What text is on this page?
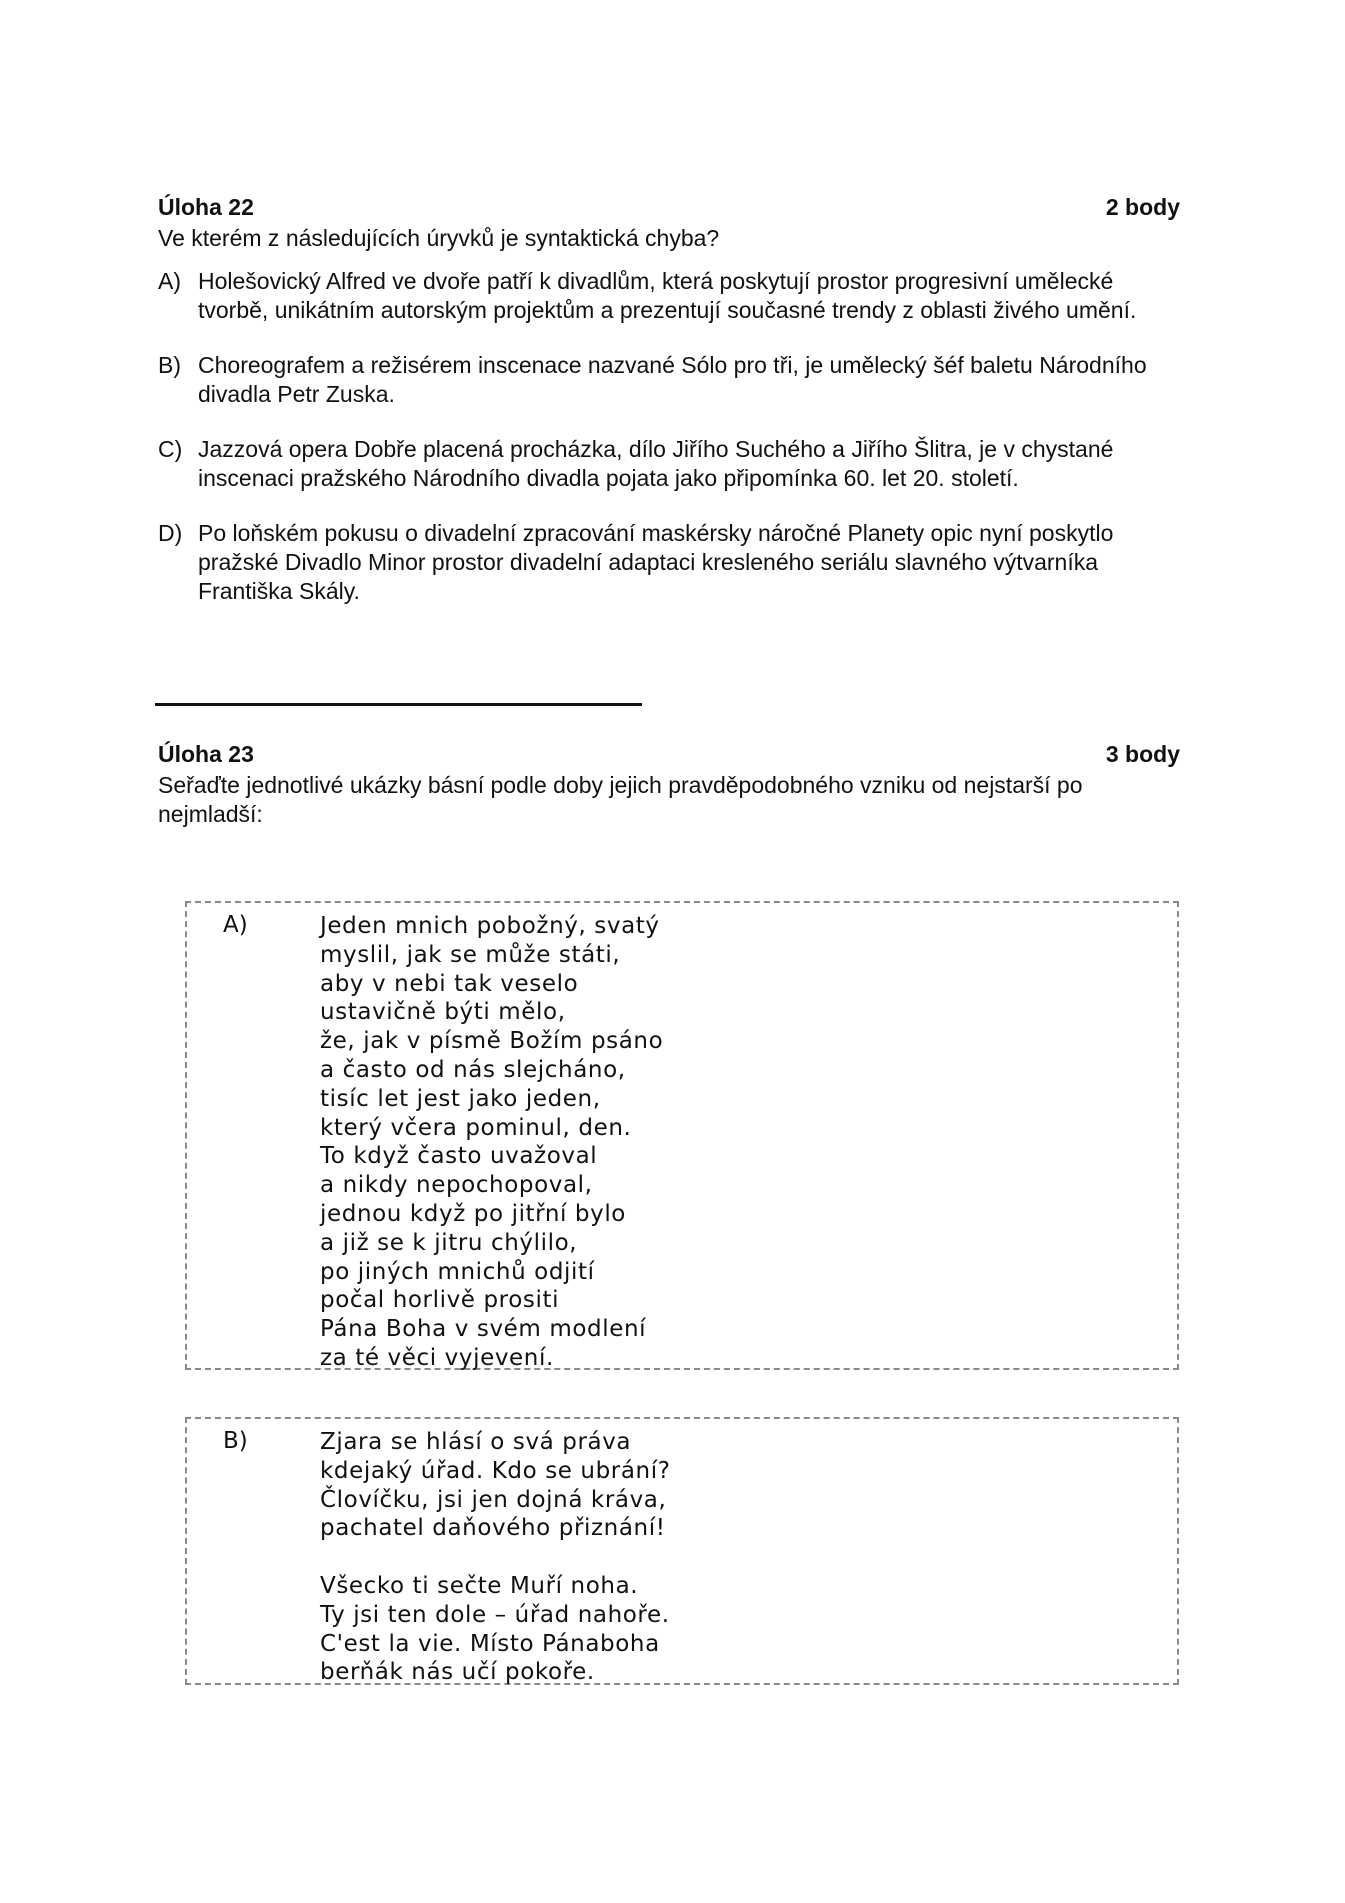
Úloha 22	2 body
Ve kterém z následujících úryvků je syntaktická chyba?
A) Holešovický Alfred ve dvoře patří k divadlům, která poskytují prostor progresivní umělecké tvorbě, unikátním autorským projektům a prezentují současné trendy z oblasti živého umění.
B) Choreografem a režisérem inscenace nazvané Sólo pro tři, je umělecký šéf baletu Národního divadla Petr Zuska.
C) Jazzová opera Dobře placená procházka, dílo Jiřího Suchého a Jiřího Šlitra, je v chystané inscenaci pražského Národního divadla pojata jako připomínka 60. let 20. století.
D) Po loňském pokusu o divadelní zpracování maskérsky náročné Planety opic nyní poskytlo pražské Divadlo Minor prostor divadelní adaptaci kresleného seriálu slavného výtvarníka Františka Skály.
Úloha 23	3 body
Seřaďte jednotlivé ukázky básní podle doby jejich pravděpodobného vzniku od nejstarší po nejmladší:
A)	Jeden mnich pobožný, svatý
myslil, jak se může státi,
aby v nebi tak veselo
ustavičně býti mělo,
že, jak v písmě Božím psáno
a často od nás slejcháno,
tisíc let jest jako jeden,
který včera pominul, den.
To když často uvažoval
a nikdy nepochopoval,
jednou když po jitřní bylo
a již se k jitru chýlilo,
po jiných mnichů odjití
počal horlivě prositi
Pána Boha v svém modlení
za té věci vyjevení.
B)	Zjara se hlásí o svá práva
kdejaký úřad. Kdo se ubrání?
Človíčku, jsi jen dojná kráva,
pachatel daňového přiznání!
Všecko ti sečte Muří noha.
Ty jsi ten dole – úřad nahoře.
C'est la vie. Místo Pánaboha
berňák nás učí pokoře.
